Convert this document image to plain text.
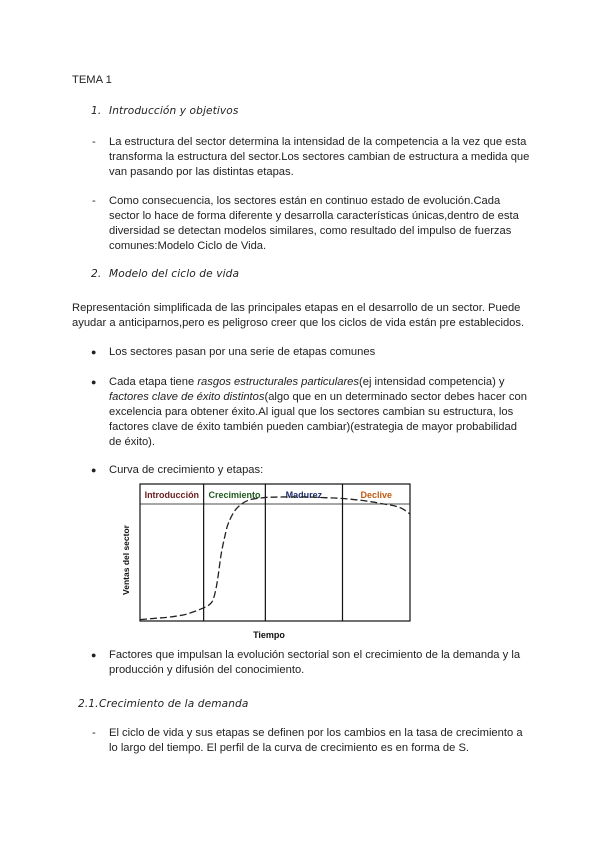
TEMA 1
1. Introducción y objetivos
- La estructura del sector determina la intensidad de la competencia a la vez que esta

transforma la estructura del sector.Los sectores cambian de estructura a medida que

van pasando por las distintas etapas.

- Como consecuencia, los sectores están en continuo estado de evolución.Cada

sector lo hace de forma diferente y desarrolla características únicas,dentro de esta

diversidad se detectan modelos similares, como resultado del impulso de fuerzas

comunes:Modelo Ciclo de Vida.

2. Modelo del ciclo de vida

Representación simplificada de las principales etapas en el desarrollo de un sector. Puede

ayudar a anticiparnos,pero es peligroso creer que los ciclos de vida están pre establecidos.

● Los sectores pasan por una serie de etapas comunes
● Cada etapa tiene rasgos estructurales particulares(ej intensidad competencia) y

factores clave de éxito distintos(algo que en un determinado sector debes hacer con

excelencia para obtener éxito.Al igual que los sectores cambian su estructura, los

factores clave de éxito también pueden cambiar)(estrategia de mayor probabilidad

de éxito).

● Curva de crecimiento y etapas:
Introducción Crecimiento	Madurez	Declive
Tiempo
Ventas del sector
● Factores que impulsan la evolución sectorial son el crecimiento de la demanda y la

producción y difusión del conocimiento.

2.1. Crecimiento de la demanda
- El ciclo de vida y sus etapas se definen por los cambios en la tasa de crecimiento a

lo largo del tiempo. El perfil de la curva de crecimiento es en forma de S.
